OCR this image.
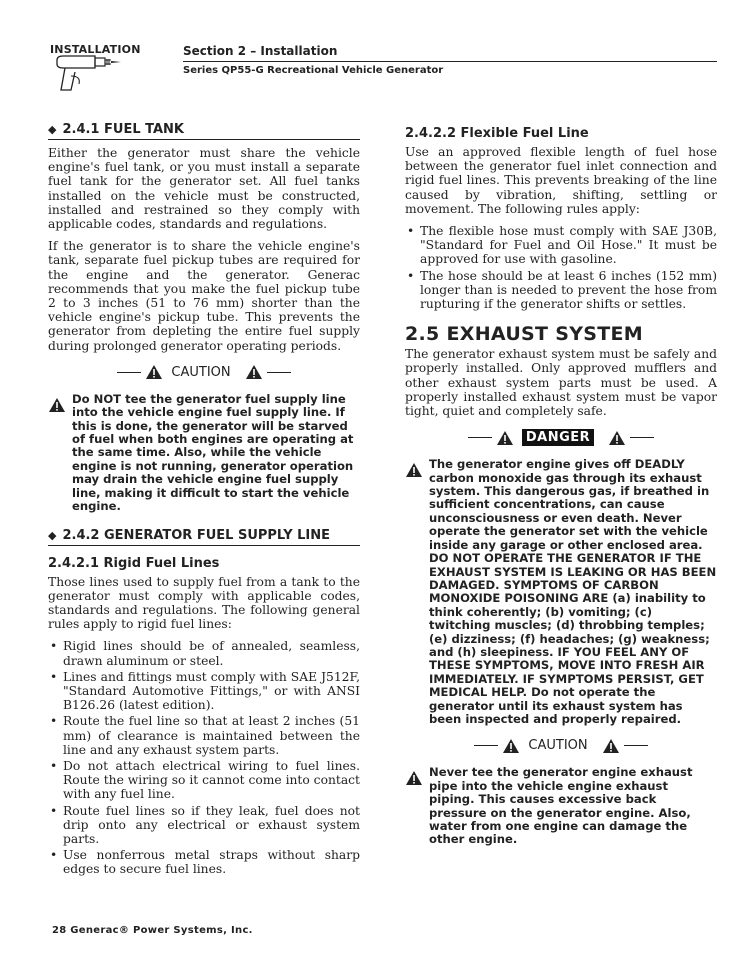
INSTALLATION	Section 2 – Installation
Series QP55-G Recreational Vehicle Generator
◆ 2.4.1 FUEL TANK

Either the generator must share the vehicle engine's fuel tank, or you must install a separate fuel tank for the generator set. All fuel tanks installed on the vehicle must be constructed, installed and restrained so they comply with applicable codes, standards and regulations.

If the generator is to share the vehicle engine's tank, separate fuel pickup tubes are required for the engine and the generator. Generac recommends that you make the fuel pickup tube 2 to 3 inches (51 to 76 mm) shorter than the vehicle engine's pickup tube. This prevents the generator from depleting the entire fuel supply during prolonged generator operating periods.

CAUTION
Do NOT tee the generator fuel supply line into the vehicle engine fuel supply line. If this is done, the generator will be starved of fuel when both engines are operating at the same time. Also, while the vehicle engine is not running, generator operation may drain the vehicle engine fuel supply line, making it difficult to start the vehicle engine.
◆ 2.4.2 GENERATOR FUEL SUPPLY LINE
2.4.2.1 Rigid Fuel Lines

Those lines used to supply fuel from a tank to the generator must comply with applicable codes, standards and regulations. The following general rules apply to rigid fuel lines:

• Rigid lines should be of annealed, seamless, drawn aluminum or steel.
• Lines and fittings must comply with SAE J512F, "Standard Automotive Fittings," or with ANSI B126.26 (latest edition).
• Route the fuel line so that at least 2 inches (51 mm) of clearance is maintained between the line and any exhaust system parts.
• Do not attach electrical wiring to fuel lines. Route the wiring so it cannot come into contact with any fuel line.
• Route fuel lines so if they leak, fuel does not drip onto any electrical or exhaust system parts.
• Use nonferrous metal straps without sharp edges to secure fuel lines.
2.4.2.2 Flexible Fuel Line

Use an approved flexible length of fuel hose between the generator fuel inlet connection and rigid fuel lines. This prevents breaking of the line caused by vibration, shifting, settling or movement. The following rules apply:

• The flexible hose must comply with SAE J30B, "Standard for Fuel and Oil Hose." It must be approved for use with gasoline.
• The hose should be at least 6 inches (152 mm) longer than is needed to prevent the hose from rupturing if the generator shifts or settles.
2.5 EXHAUST SYSTEM

The generator exhaust system must be safely and properly installed. Only approved mufflers and other exhaust system parts must be used. A properly installed exhaust system must be vapor tight, quiet and completely safe.

DANGER
The generator engine gives off DEADLY carbon monoxide gas through its exhaust system. This dangerous gas, if breathed in sufficient concentrations, can cause unconsciousness or even death. Never operate the generator set with the vehicle inside any garage or other enclosed area. DO NOT OPERATE THE GENERATOR IF THE EXHAUST SYSTEM IS LEAKING OR HAS BEEN DAMAGED. SYMPTOMS OF CARBON MONOXIDE POISONING ARE (a) inability to think coherently; (b) vomiting; (c) twitching muscles; (d) throbbing temples; (e) dizziness; (f) headaches; (g) weakness; and (h) sleepiness. IF YOU FEEL ANY OF THESE SYMPTOMS, MOVE INTO FRESH AIR IMMEDIATELY. IF SYMPTOMS PERSIST, GET MEDICAL HELP. Do not operate the generator until its exhaust system has been inspected and properly repaired.
CAUTION
Never tee the generator engine exhaust pipe into the vehicle engine exhaust piping. This causes excessive back pressure on the generator engine. Also, water from one engine can damage the other engine.
28 Generac® Power Systems, Inc.
